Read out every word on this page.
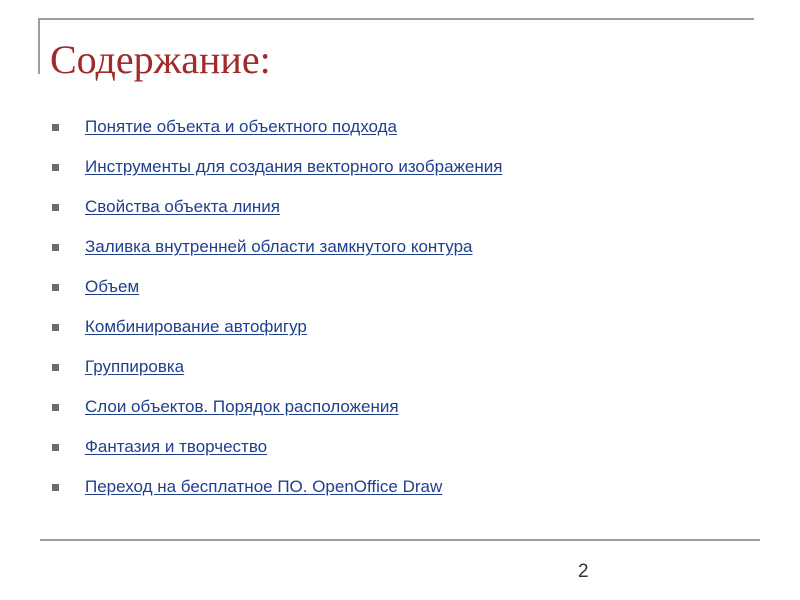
Содержание:
Понятие объекта и объектного подхода
Инструменты для создания векторного изображения
Свойства объекта линия
Заливка внутренней области замкнутого контура
Объем
Комбинирование автофигур
Группировка
Слои объектов. Порядок расположения
Фантазия и творчество
Переход на бесплатное ПО. OpenOffice Draw
2
